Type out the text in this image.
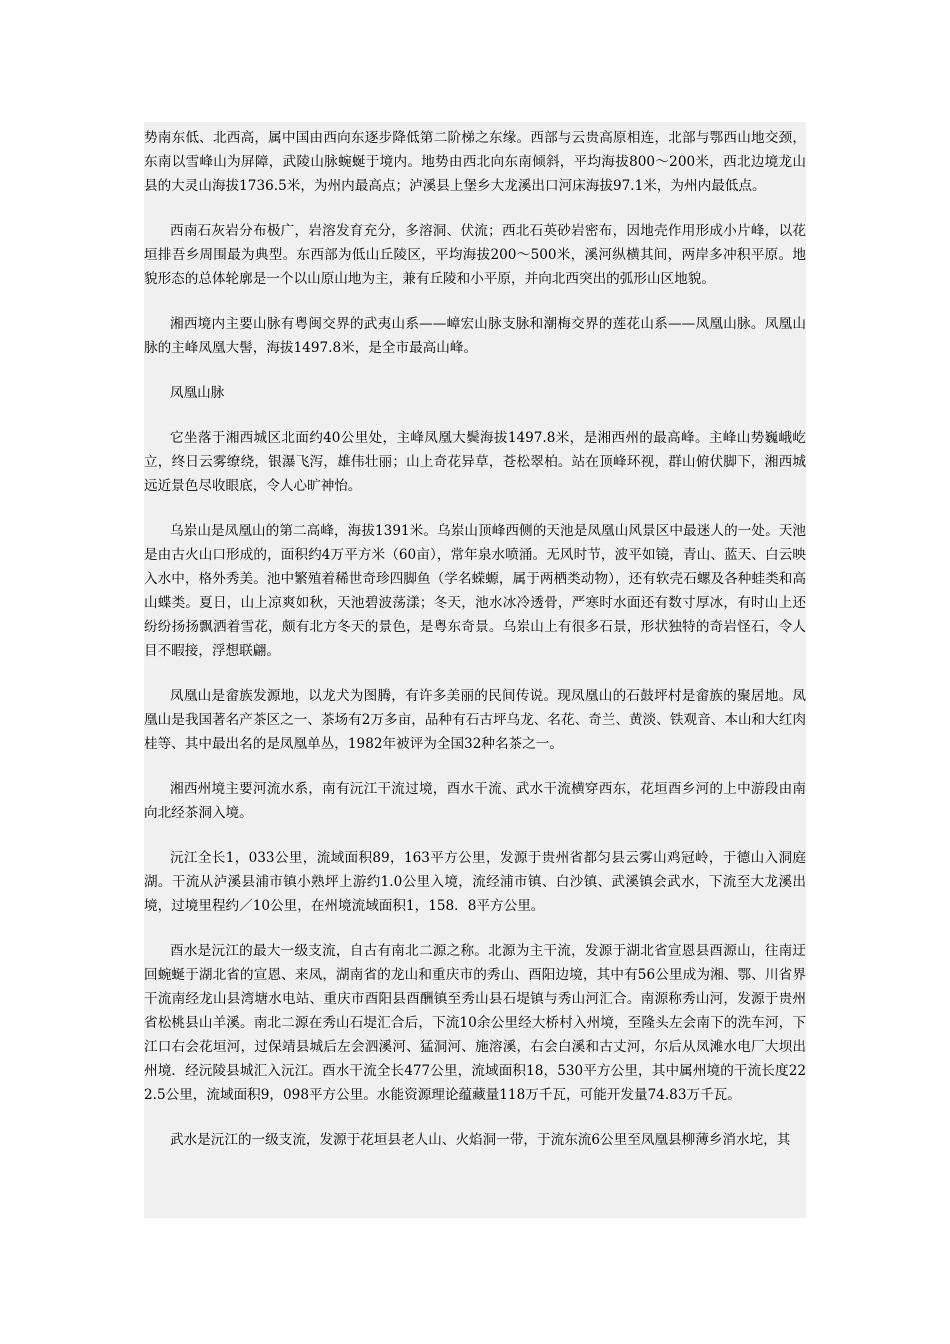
势南东低、北西高，属中国由西向东逐步降低第二阶梯之东缘。西部与云贵高原相连，北部与鄂西山地交颈，东南以雪峰山为屏障，武陵山脉蜿蜒于境内。地势由西北向东南倾斜，平均海拔800～200米，西北边境龙山县的大灵山海拔1736.5米，为州内最高点；泸溪县上堡乡大龙溪出口河床海拔97.1米，为州内最低点。

西南石灰岩分布极广，岩溶发育充分，多溶洞、伏流；西北石英砂岩密布，因地壳作用形成小片峰，以花垣排吾乡周围最为典型。东西部为低山丘陵区，平均海拔200～500米，溪河纵横其间，两岸多冲积平原。地貌形态的总体轮廓是一个以山原山地为主，兼有丘陵和小平原，并向北西突出的弧形山区地貌。

湘西境内主要山脉有粤闽交界的武夷山系——嶂宏山脉支脉和潮梅交界的莲花山系——凤凰山脉。凤凰山脉的主峰凤凰大髻，海拔1497.8米，是全市最高山峰。

凤凰山脉

它坐落于湘西城区北面约40公里处，主峰凤凰大鬓海拔1497.8米，是湘西州的最高峰。主峰山势巍峨屹立，终日云雾缭绕，银瀑飞泻，雄伟壮丽；山上奇花异草，苍松翠柏。站在顶峰环视，群山俯伏脚下，湘西城远近景色尽收眼底，令人心旷神怡。

乌岽山是凤凰山的第二高峰，海拔1391米。乌岽山顶峰西侧的天池是凤凰山风景区中最迷人的一处。天池是由古火山口形成的，面积约4万平方米（60亩），常年泉水喷涌。无风时节，波平如镜，青山、蓝天、白云映入水中，格外秀美。池中繁殖着稀世奇珍四脚鱼（学名蝾螈，属于两栖类动物），还有软壳石螺及各种蛙类和高山蝶类。夏日，山上凉爽如秋，天池碧波荡漾；冬天，池水冰冷透骨，严寒时水面还有数寸厚冰，有时山上还纷纷扬扬飘洒着雪花，颇有北方冬天的景色，是粤东奇景。乌岽山上有很多石景，形状独特的奇岩怪石，令人目不暇接，浮想联翩。

凤凰山是畲族发源地，以龙犬为图腾，有许多美丽的民间传说。现凤凰山的石鼓坪村是畲族的聚居地。凤凰山是我国著名产茶区之一、茶场有2万多亩，品种有石古坪乌龙、名花、奇兰、黄淡、铁观音、本山和大红肉桂等、其中最出名的是凤凰单丛，1982年被评为全国32种名茶之一。

湘西州境主要河流水系，南有沅江干流过境，酉水干流、武水干流横穿西东，花垣酉乡河的上中游段由南向北经茶洞入境。

沅江全长1，033公里，流域面积89，163平方公里，发源于贵州省都匀县云雾山鸡冠岭，于德山入洞庭湖。干流从泸溪县浦市镇小熟坪上游约1.0公里入境，流经浦市镇、白沙镇、武溪镇会武水，下流至大龙溪出境，过境里程约／10公里，在州境流域面积1，158．8平方公里。

酉水是沅江的最大一级支流，自古有南北二源之称。北源为主干流，发源于湖北省宣恩县酉源山，往南迂回蜿蜒于湖北省的宣恩、来凤，湖南省的龙山和重庆市的秀山、酉阳边境，其中有56公里成为湘、鄂、川省界干流南经龙山县湾塘水电站、重庆市酉阳县酉酬镇至秀山县石堤镇与秀山河汇合。南源称秀山河，发源于贵州省松桃县山羊溪。南北二源在秀山石堤汇合后，下流10余公里经大桥村入州境，至隆头左会南下的洗车河，下江口右会花垣河，过保靖县城后左会泗溪河、猛洞河、施溶溪，右会白溪和古丈河，尔后从凤滩水电厂大坝出州境．经沅陵县城汇入沅江。酉水干流全长477公里，流域面积18，530平方公里，其中属州境的干流长度222.5公里，流域面积9，098平方公里。水能资源理论蕴藏量118万千瓦，可能开发量74.83万千瓦。

武水是沅江的一级支流，发源于花垣县老人山、火焰洞一带，于流东流6公里至凤凰县柳薄乡消水坨，其
